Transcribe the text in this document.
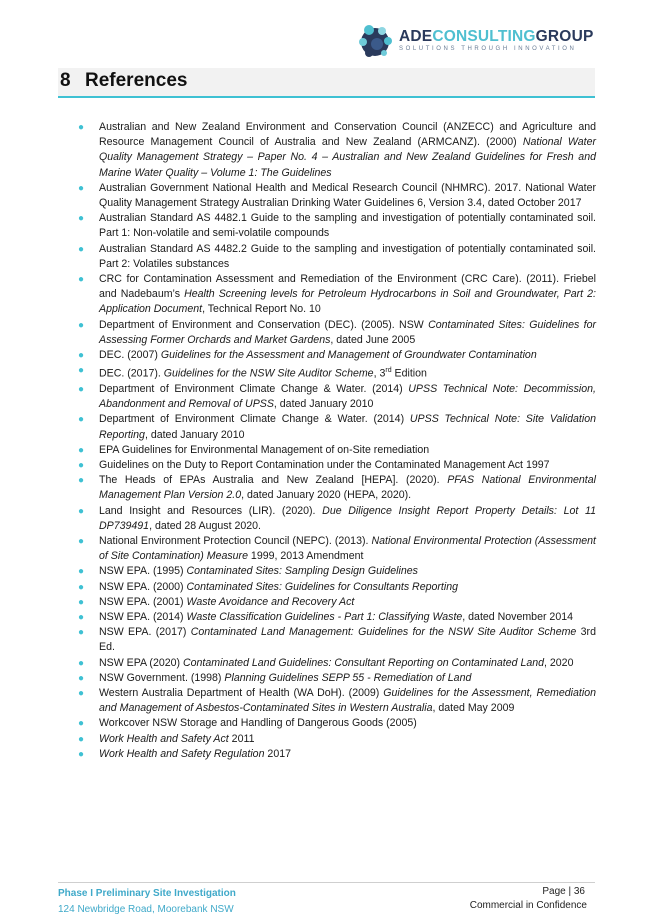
ADECONSULTINGGROUP
SOLUTIONS THROUGH INNOVATION
8 References
● Australian and New Zealand Environment and Conservation Council (ANZECC) and Agriculture and Resource Management Council of Australia and New Zealand (ARMCANZ). (2000) National Water Quality Management Strategy – Paper No. 4 – Australian and New Zealand Guidelines for Fresh and Marine Water Quality – Volume 1: The Guidelines
● Australian Government National Health and Medical Research Council (NHMRC). 2017. National Water Quality Management Strategy Australian Drinking Water Guidelines 6, Version 3.4, dated October 2017
● Australian Standard AS 4482.1 Guide to the sampling and investigation of potentially contaminated soil. Part 1: Non-volatile and semi-volatile compounds
● Australian Standard AS 4482.2 Guide to the sampling and investigation of potentially contaminated soil. Part 2: Volatiles substances
● CRC for Contamination Assessment and Remediation of the Environment (CRC Care). (2011). Friebel and Nadebaum’s Health Screening levels for Petroleum Hydrocarbons in Soil and Groundwater, Part 2: Application Document, Technical Report No. 10
● Department of Environment and Conservation (DEC). (2005). NSW Contaminated Sites: Guidelines for Assessing Former Orchards and Market Gardens, dated June 2005
● DEC. (2007) Guidelines for the Assessment and Management of Groundwater Contamination
● DEC. (2017). Guidelines for the NSW Site Auditor Scheme, 3rd Edition
● Department of Environment Climate Change & Water. (2014) UPSS Technical Note: Decommission, Abandonment and Removal of UPSS, dated January 2010
● Department of Environment Climate Change & Water. (2014) UPSS Technical Note: Site Validation Reporting, dated January 2010
● EPA Guidelines for Environmental Management of on-Site remediation
● Guidelines on the Duty to Report Contamination under the Contaminated Management Act 1997
● The Heads of EPAs Australia and New Zealand [HEPA]. (2020). PFAS National Environmental Management Plan Version 2.0, dated January 2020 (HEPA, 2020).
● Land Insight and Resources (LIR). (2020). Due Diligence Insight Report Property Details: Lot 11 DP739491, dated 28 August 2020.
● National Environment Protection Council (NEPC). (2013). National Environmental Protection (Assessment of Site Contamination) Measure 1999, 2013 Amendment
● NSW EPA. (1995) Contaminated Sites: Sampling Design Guidelines
● NSW EPA. (2000) Contaminated Sites: Guidelines for Consultants Reporting
● NSW EPA. (2001) Waste Avoidance and Recovery Act
● NSW EPA. (2014) Waste Classification Guidelines - Part 1: Classifying Waste, dated November 2014
● NSW EPA. (2017) Contaminated Land Management: Guidelines for the NSW Site Auditor Scheme 3rd Ed.
● NSW EPA (2020) Contaminated Land Guidelines: Consultant Reporting on Contaminated Land, 2020
● NSW Government. (1998) Planning Guidelines SEPP 55 - Remediation of Land
● Western Australia Department of Health (WA DoH). (2009) Guidelines for the Assessment, Remediation and Management of Asbestos-Contaminated Sites in Western Australia, dated May 2009
● Workcover NSW Storage and Handling of Dangerous Goods (2005)
● Work Health and Safety Act 2011
● Work Health and Safety Regulation 2017
Phase I Preliminary Site Investigation
124 Newbridge Road, Moorebank NSW
Page | 36
Commercial in Confidence
